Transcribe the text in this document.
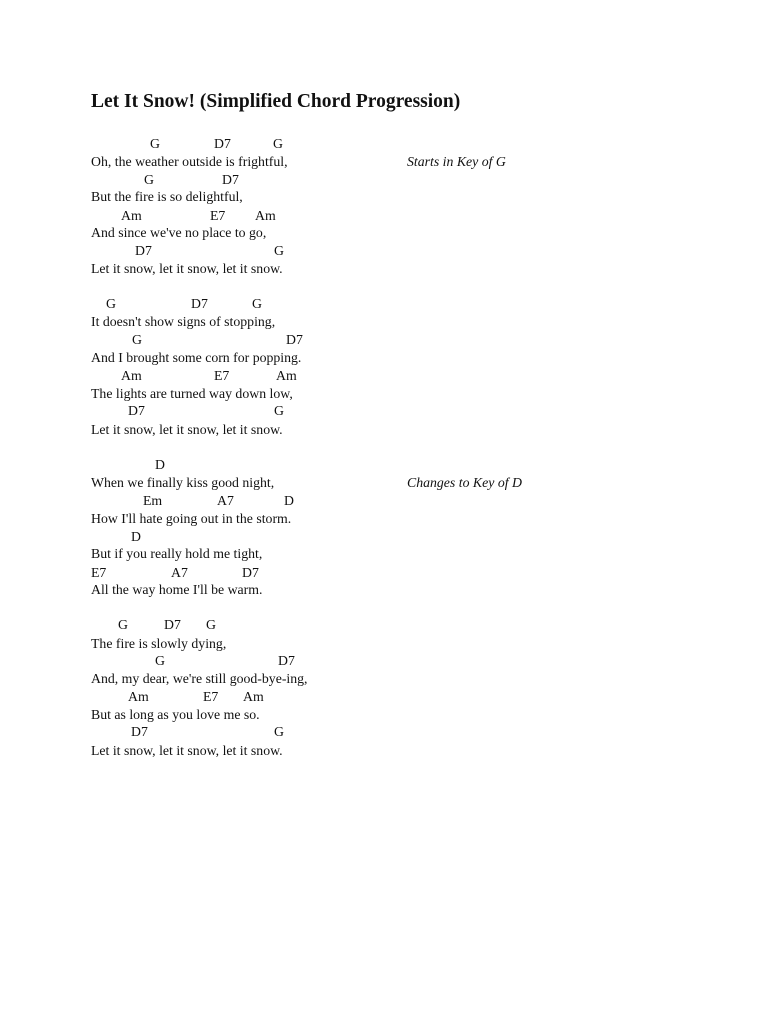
Let It Snow! (Simplified Chord Progression)
G	D7	G
Oh, the weather outside is frightful,	Starts in Key of G
G	D7
But the fire is so delightful,
Am	E7 Am
And since we've no place to go,
D7	G
Let it snow, let it snow, let it snow.
G	D7	G
It doesn't show signs of stopping,
G	D7
And I brought some corn for popping.
Am	E7	Am
The lights are turned way down low,
D7	G
Let it snow, let it snow, let it snow.
D
When we finally kiss good night,	Changes to Key of D
Em	A7	D
How I'll hate going out in the storm.
D
But if you really hold me tight,
E7	A7	D7
All the way home I'll be warm.
G	D7 G
The fire is slowly dying,
G	D7
And, my dear, we're still good-bye-ing,
Am	E7 Am
But as long as you love me so.
D7	G
Let it snow, let it snow, let it snow.
